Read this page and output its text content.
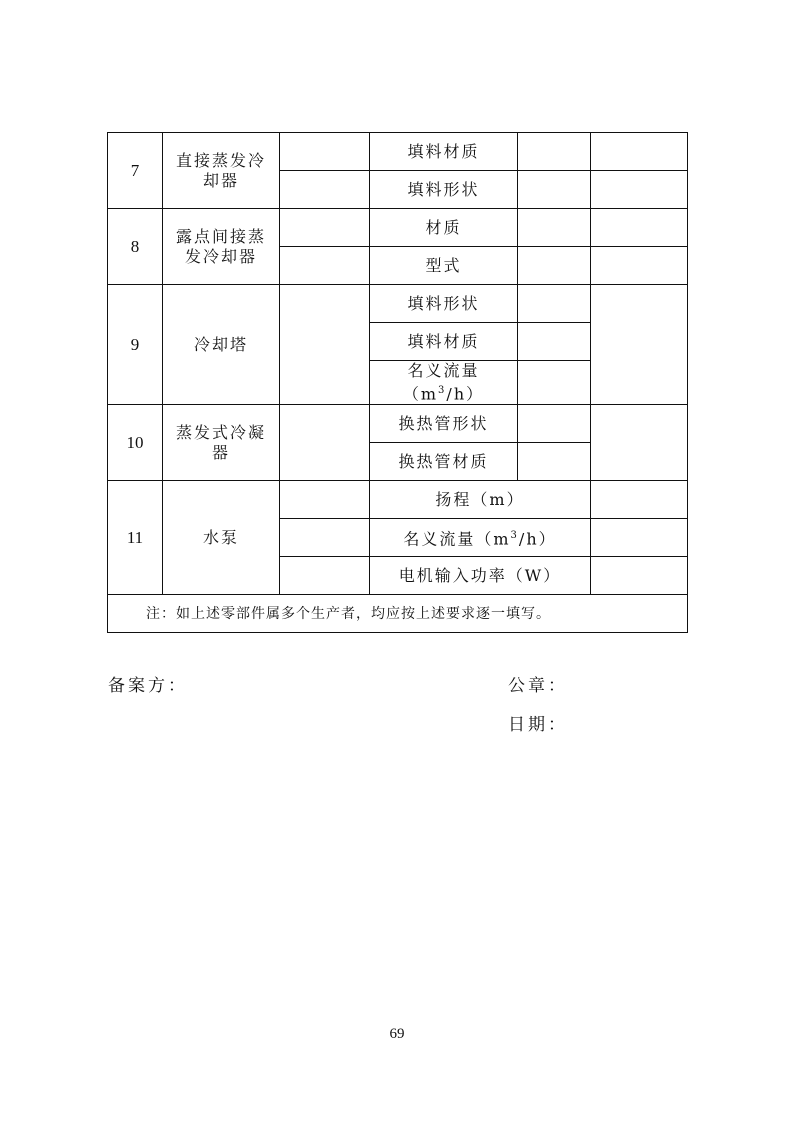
7	直接蒸发冷却器		填料材质		
			填料形状		
8	露点间接蒸发冷却器		材质		
			型式		
9	冷却塔		填料形状		
			填料材质		
			名义流量$(m^3/h)$		
10	蒸发式冷凝器		换热管形状		
			换热管材质		
11	水泵		扬程（m）		
			名义流量$(m^3/h)$		
			电机输入功率（W）		
注：如上述零部件属多个生产者，均应按上述要求逐一填写。					
备案方：	公章：
日期：
69
